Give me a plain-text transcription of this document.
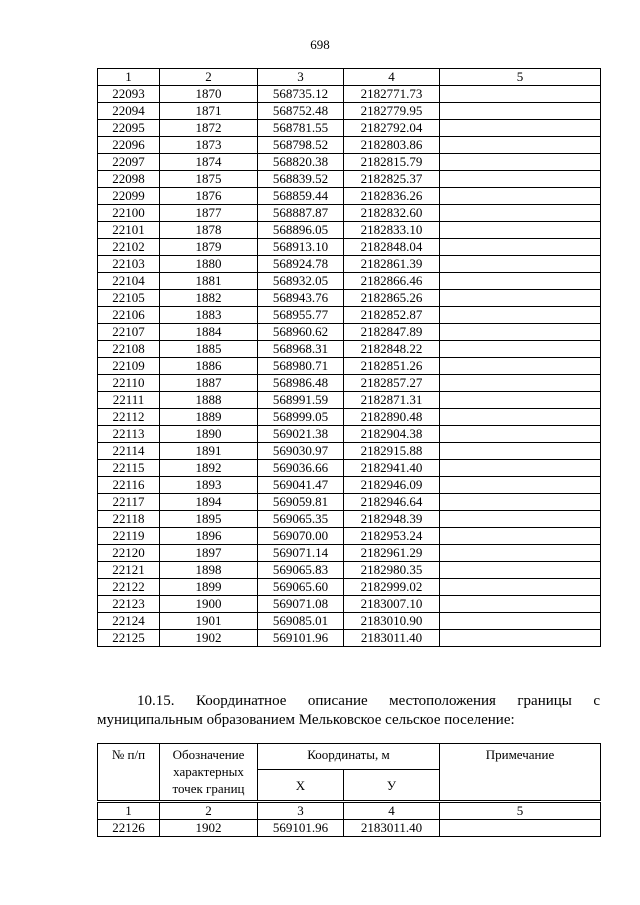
698
1	2	3	4	5
22093	1870	568735.12	2182771.73	
22094	1871	568752.48	2182779.95	
22095	1872	568781.55	2182792.04	
22096	1873	568798.52	2182803.86	
22097	1874	568820.38	2182815.79	
22098	1875	568839.52	2182825.37	
22099	1876	568859.44	2182836.26	
22100	1877	568887.87	2182832.60	
22101	1878	568896.05	2182833.10	
22102	1879	568913.10	2182848.04	
22103	1880	568924.78	2182861.39	
22104	1881	568932.05	2182866.46	
22105	1882	568943.76	2182865.26	
22106	1883	568955.77	2182852.87	
22107	1884	568960.62	2182847.89	
22108	1885	568968.31	2182848.22	
22109	1886	568980.71	2182851.26	
22110	1887	568986.48	2182857.27	
22111	1888	568991.59	2182871.31	
22112	1889	568999.05	2182890.48	
22113	1890	569021.38	2182904.38	
22114	1891	569030.97	2182915.88	
22115	1892	569036.66	2182941.40	
22116	1893	569041.47	2182946.09	
22117	1894	569059.81	2182946.64	
22118	1895	569065.35	2182948.39	
22119	1896	569070.00	2182953.24	
22120	1897	569071.14	2182961.29	
22121	1898	569065.83	2182980.35	
22122	1899	569065.60	2182999.02	
22123	1900	569071.08	2183007.10	
22124	1901	569085.01	2183010.90	
22125	1902	569101.96	2183011.40	
10.15. Координатное описание местоположения границы с
муниципальным образованием Мельковское сельское поселение:
№ п/п	Обозначение характерных точек границ	Координаты, м		Примечание
		X	У	
1	2	3	4	5
22126	1902	569101.96	2183011.40	
